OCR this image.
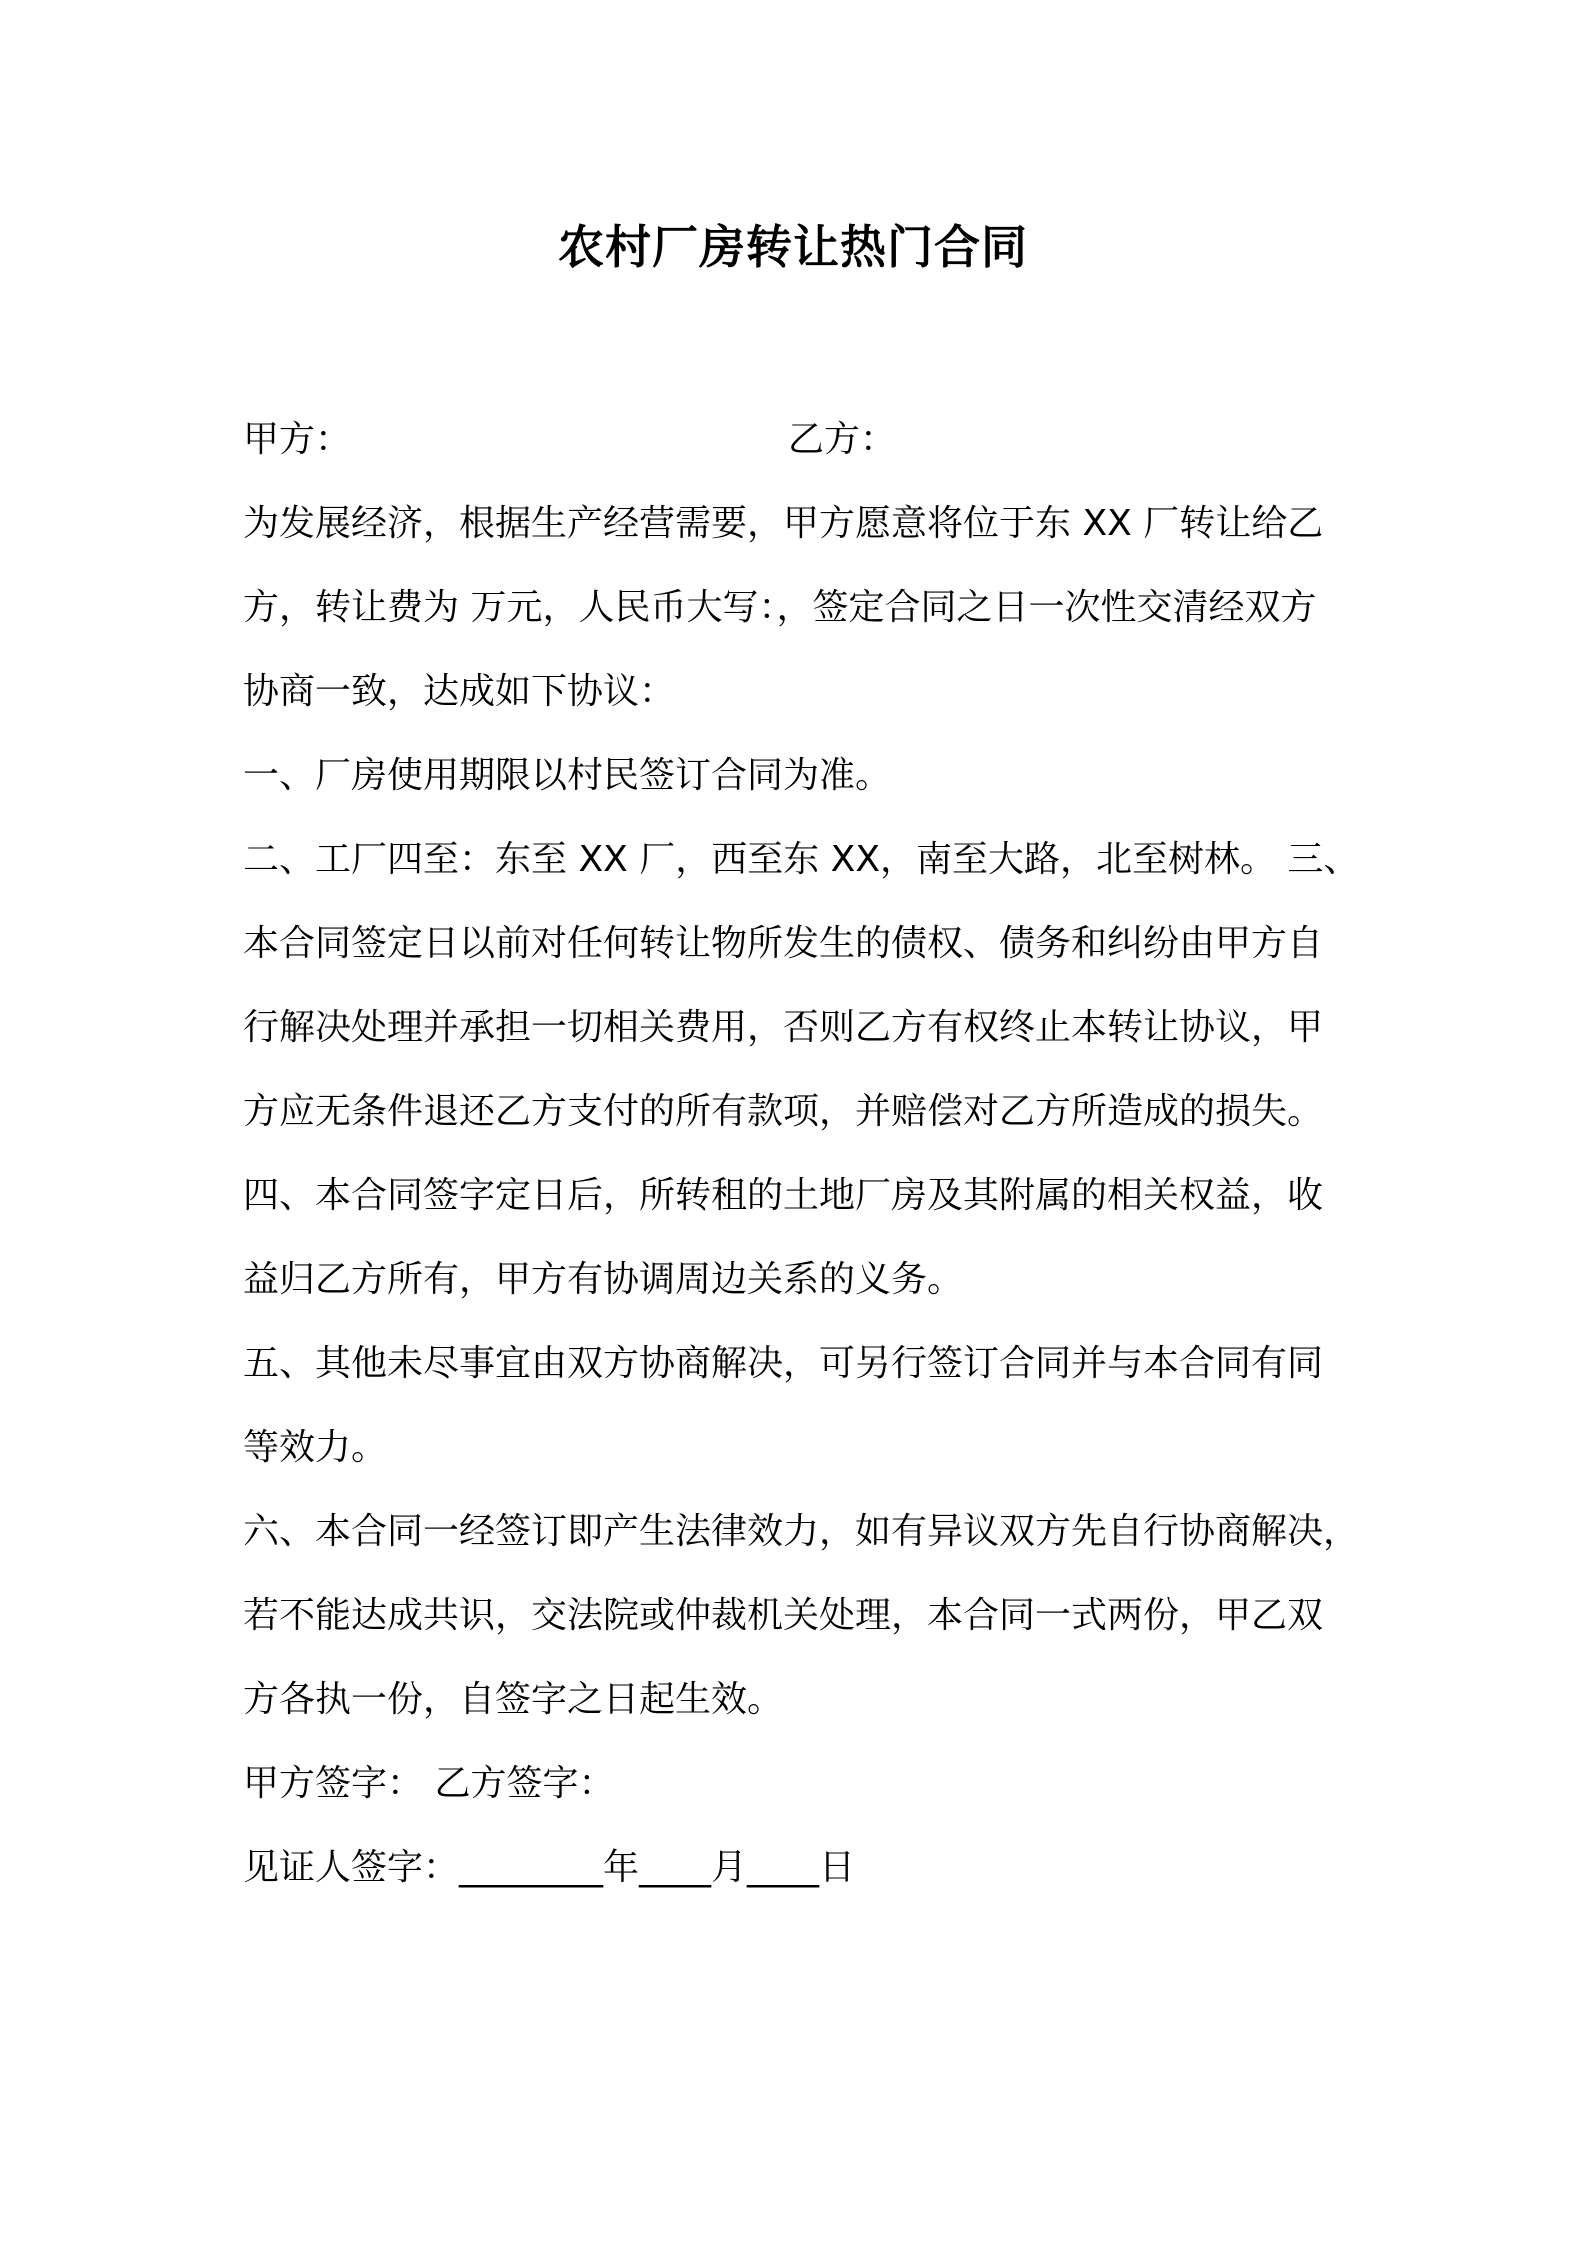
农村厂房转让热门合同
甲方：	乙方：
为发展经济，根据生产经营需要，甲方愿意将位于东 XX 厂转让给乙
方，转让费为 万元，人民币大写：，签定合同之日一次性交清经双方
协商一致，达成如下协议：
一、厂房使用期限以村民签订合同为准。
二、工厂四至：东至 XX 厂，西至东 XX，南至大路，北至树林。 三、
本合同签定日以前对任何转让物所发生的债权、债务和纠纷由甲方自
行解决处理并承担一切相关费用，否则乙方有权终止本转让协议，甲
方应无条件退还乙方支付的所有款项，并赔偿对乙方所造成的损失。
四、本合同签字定日后，所转租的土地厂房及其附属的相关权益，收
益归乙方所有，甲方有协调周边关系的义务。
五、其他未尽事宜由双方协商解决，可另行签订合同并与本合同有同
等效力。
六、本合同一经签订即产生法律效力，如有异议双方先自行协商解决，
若不能达成共识，交法院或仲裁机关处理，本合同一式两份，甲乙双
方各执一份，自签字之日起生效。
甲方签字： 乙方签字：
见证人签字：________年____月____日
